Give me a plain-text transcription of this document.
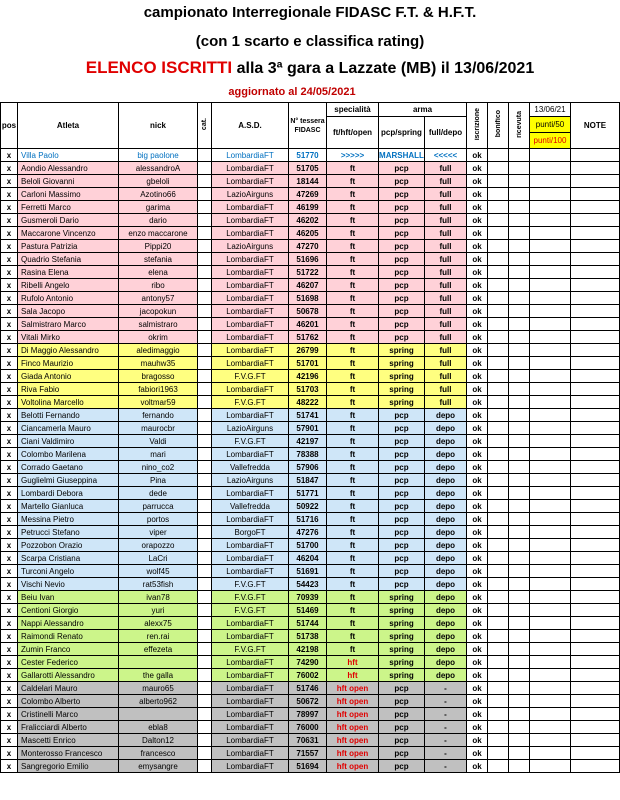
campionato Interregionale FIDASC F.T. & H.F.T.
(con 1 scarto e classifica rating)
ELENCO ISCRITTI alla 3ª gara a Lazzate (MB) il 13/06/2021
aggiornato al 24/05/2021
pos	Atleta	nick	cat.	A.S.D.	N° tessera FIDASC	specialità	arma		iscrizione	bonifico	ricevuta	13/06/21	NOTE
						ft/hft/open	pcp/spring	full/depo				punti/50	
												punti/100	
x	Villa Paolo	big paolone		LombardiaFT	51770	>>>>>	MARSHALL	<<<<<	ok				
x	Aondio Alessandro	alessandroA		LombardiaFT	51705	ft	pcp	full	ok				
x	Beloli Giovanni	gbeloli		LombardiaFT	18144	ft	pcp	full	ok				
x	Carloni Massimo	Azotino66		LazioAirguns	47269	ft	pcp	full	ok				
x	Ferretti Marco	garima		LombardiaFT	46199	ft	pcp	full	ok				
x	Gusmeroli Dario	dario		LombardiaFT	46202	ft	pcp	full	ok				
x	Maccarone Vincenzo	enzo maccarone		LombardiaFT	46205	ft	pcp	full	ok				
x	Pastura Patrizia	Pippi20		LazioAirguns	47270	ft	pcp	full	ok				
x	Quadrio Stefania	stefania		LombardiaFT	51696	ft	pcp	full	ok				
x	Rasina Elena	elena		LombardiaFT	51722	ft	pcp	full	ok				
x	Ribelli Angelo	ribo		LombardiaFT	46207	ft	pcp	full	ok				
x	Rufolo Antonio	antony57		LombardiaFT	51698	ft	pcp	full	ok				
x	Sala Jacopo	jacopokun		LombardiaFT	50678	ft	pcp	full	ok				
x	Salmistraro Marco	salmistraro		LombardiaFT	46201	ft	pcp	full	ok				
x	Vitali Mirko	okrim		LombardiaFT	51762	ft	pcp	full	ok				
x	Di Maggio Alessandro	aledimaggio		LombardiaFT	26799	ft	spring	full	ok				
x	Finco Maurizio	mauhw35		LombardiaFT	51701	ft	spring	full	ok				
x	Giada Antonio	bragosso		F.V.G.FT	42196	ft	spring	full	ok				
x	Riva Fabio	fabiori1963		LombardiaFT	51703	ft	spring	full	ok				
x	Voltolina Marcello	voltmar59		F.V.G.FT	48222	ft	spring	full	ok				
x	Belotti Fernando	fernando		LombardiaFT	51741	ft	pcp	depo	ok				
x	Ciancamerla Mauro	maurocbr		LazioAirguns	57901	ft	pcp	depo	ok				
x	Ciani Valdimiro	Valdi		F.V.G.FT	42197	ft	pcp	depo	ok				
x	Colombo Marilena	mari		LombardiaFT	78388	ft	pcp	depo	ok				
x	Corrado Gaetano	nino_co2		Vallefredda	57906	ft	pcp	depo	ok				
x	Guglielmi Giuseppina	Pina		LazioAirguns	51847	ft	pcp	depo	ok				
x	Lombardi Debora	dede		LombardiaFT	51771	ft	pcp	depo	ok				
x	Martello Gianluca	parrucca		Vallefredda	50922	ft	pcp	depo	ok				
x	Messina Pietro	portos		LombardiaFT	51716	ft	pcp	depo	ok				
x	Petrucci Stefano	viper		BorgoFT	47276	ft	pcp	depo	ok				
x	Pozzobon Orazio	orapozzo		LombardiaFT	51700	ft	pcp	depo	ok				
x	Scarpa Cristiana	LaCri		LombardiaFT	46204	ft	pcp	depo	ok				
x	Turconi Angelo	wolf45		LombardiaFT	51691	ft	pcp	depo	ok				
x	Vischi Nevio	rat53fish		F.V.G.FT	54423	ft	pcp	depo	ok				
x	Beiu Ivan	ivan78		F.V.G.FT	70939	ft	spring	depo	ok				
x	Centioni Giorgio	yuri		F.V.G.FT	51469	ft	spring	depo	ok				
x	Nappi Alessandro	alexx75		LombardiaFT	51744	ft	spring	depo	ok				
x	Raimondi Renato	ren.rai		LombardiaFT	51738	ft	spring	depo	ok				
x	Zumin Franco	effezeta		F.V.G.FT	42198	ft	spring	depo	ok				
x	Cester Federico			LombardiaFT	74290	hft	spring	depo	ok				
x	Gallarotti Alessandro	the galla		LombardiaFT	76002	hft	spring	depo	ok				
x	Caldelari Mauro	mauro65		LombardiaFT	51746	hft open	pcp	-	ok				
x	Colombo Alberto	alberto962		LombardiaFT	50672	hft open	pcp	-	ok				
x	Cristinelli Marco			LombardiaFT	78997	hft open	pcp	-	ok				
x	Fralicciardi Alberto	ebla8		LombardiaFT	76000	hft open	pcp	-	ok				
x	Mascetti Enrico	Dalton12		LombardiaFT	70631	hft open	pcp	-	ok				
x	Monterosso Francesco	francesco		LombardiaFT	71557	hft open	pcp	-	ok				
x	Sangregorio Emilio	emysangre		LombardiaFT	51694	hft open	pcp	-	ok				
